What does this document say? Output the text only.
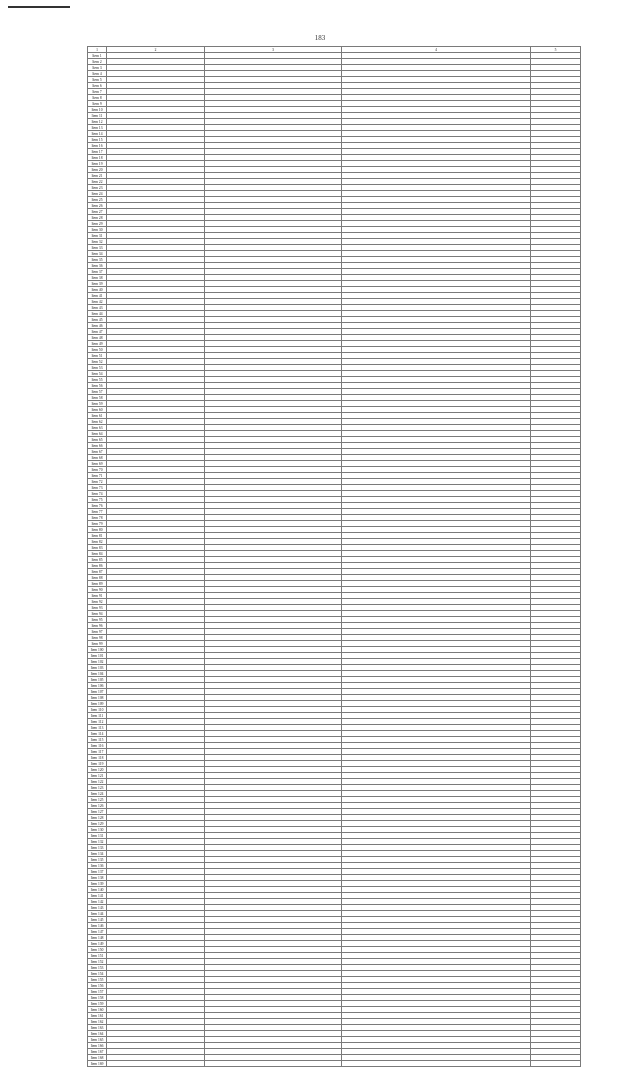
183
1	2	3	4	5
Item 1				
Item 2				
Item 3				
Item 4				
Item 5				
Item 6				
Item 7				
Item 8				
Item 9				
Item 10				
Item 11				
Item 12				
Item 13				
Item 14				
Item 15				
Item 16				
Item 17				
Item 18				
Item 19				
Item 20				
Item 21				
Item 22				
Item 23				
Item 24				
Item 25				
Item 26				
Item 27				
Item 28				
Item 29				
Item 30				
Item 31				
Item 32				
Item 33				
Item 34				
Item 35				
Item 36				
Item 37				
Item 38				
Item 39				
Item 40				
Item 41				
Item 42				
Item 43				
Item 44				
Item 45				
Item 46				
Item 47				
Item 48				
Item 49				
Item 50				
Item 51				
Item 52				
Item 53				
Item 54				
Item 55				
Item 56				
Item 57				
Item 58				
Item 59				
Item 60				
Item 61				
Item 62				
Item 63				
Item 64				
Item 65				
Item 66				
Item 67				
Item 68				
Item 69				
Item 70				
Item 71				
Item 72				
Item 73				
Item 74				
Item 75				
Item 76				
Item 77				
Item 78				
Item 79				
Item 80				
Item 81				
Item 82				
Item 83				
Item 84				
Item 85				
Item 86				
Item 87				
Item 88				
Item 89				
Item 90				
Item 91				
Item 92				
Item 93				
Item 94				
Item 95				
Item 96				
Item 97				
Item 98				
Item 99				
Item 100				
Item 101				
Item 102				
Item 103				
Item 104				
Item 105				
Item 106				
Item 107				
Item 108				
Item 109				
Item 110				
Item 111				
Item 112				
Item 113				
Item 114				
Item 115				
Item 116				
Item 117				
Item 118				
Item 119				
Item 120				
Item 121				
Item 122				
Item 123				
Item 124				
Item 125				
Item 126				
Item 127				
Item 128				
Item 129				
Item 130				
Item 131				
Item 132				
Item 133				
Item 134				
Item 135				
Item 136				
Item 137				
Item 138				
Item 139				
Item 140				
Item 141				
Item 142				
Item 143				
Item 144				
Item 145				
Item 146				
Item 147				
Item 148				
Item 149				
Item 150				
Item 151				
Item 152				
Item 153				
Item 154				
Item 155				
Item 156				
Item 157				
Item 158				
Item 159				
Item 160				
Item 161				
Item 162				
Item 163				
Item 164				
Item 165				
Item 166				
Item 167				
Item 168				
Item 169				
